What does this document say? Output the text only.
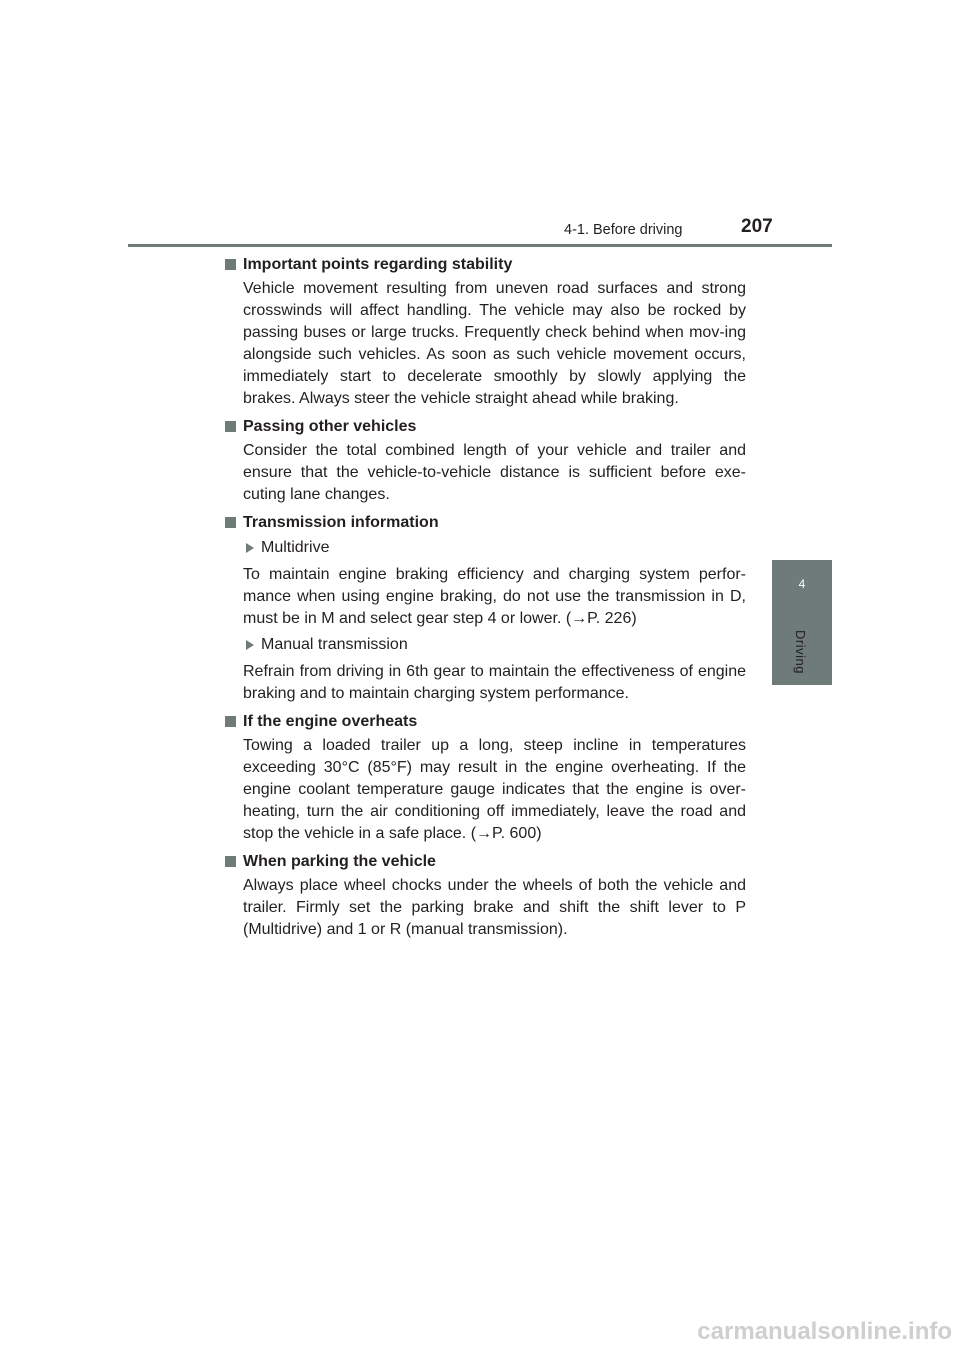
4-1. Before driving	207
4
Driving
Important points regarding stability
Vehicle movement resulting from uneven road surfaces and strong crosswinds will affect handling. The vehicle may also be rocked by passing buses or large trucks. Frequently check behind when mov-ing alongside such vehicles. As soon as such vehicle movement occurs, immediately start to decelerate smoothly by slowly applying the brakes. Always steer the vehicle straight ahead while braking.
Passing other vehicles
Consider the total combined length of your vehicle and trailer and ensure that the vehicle-to-vehicle distance is sufficient before exe-cuting lane changes.
Transmission information
Multidrive
To maintain engine braking efficiency and charging system perfor-mance when using engine braking, do not use the transmission in D, must be in M and select gear step 4 or lower. (→P. 226)
Manual transmission
Refrain from driving in 6th gear to maintain the effectiveness of engine braking and to maintain charging system performance.
If the engine overheats
Towing a loaded trailer up a long, steep incline in temperatures exceeding 30°C (85°F) may result in the engine overheating. If the engine coolant temperature gauge indicates that the engine is over-heating, turn the air conditioning off immediately, leave the road and stop the vehicle in a safe place. (→P. 600)
When parking the vehicle
Always place wheel chocks under the wheels of both the vehicle and trailer. Firmly set the parking brake and shift the shift lever to P (Multidrive) and 1 or R (manual transmission).
carmanualsonline.info
